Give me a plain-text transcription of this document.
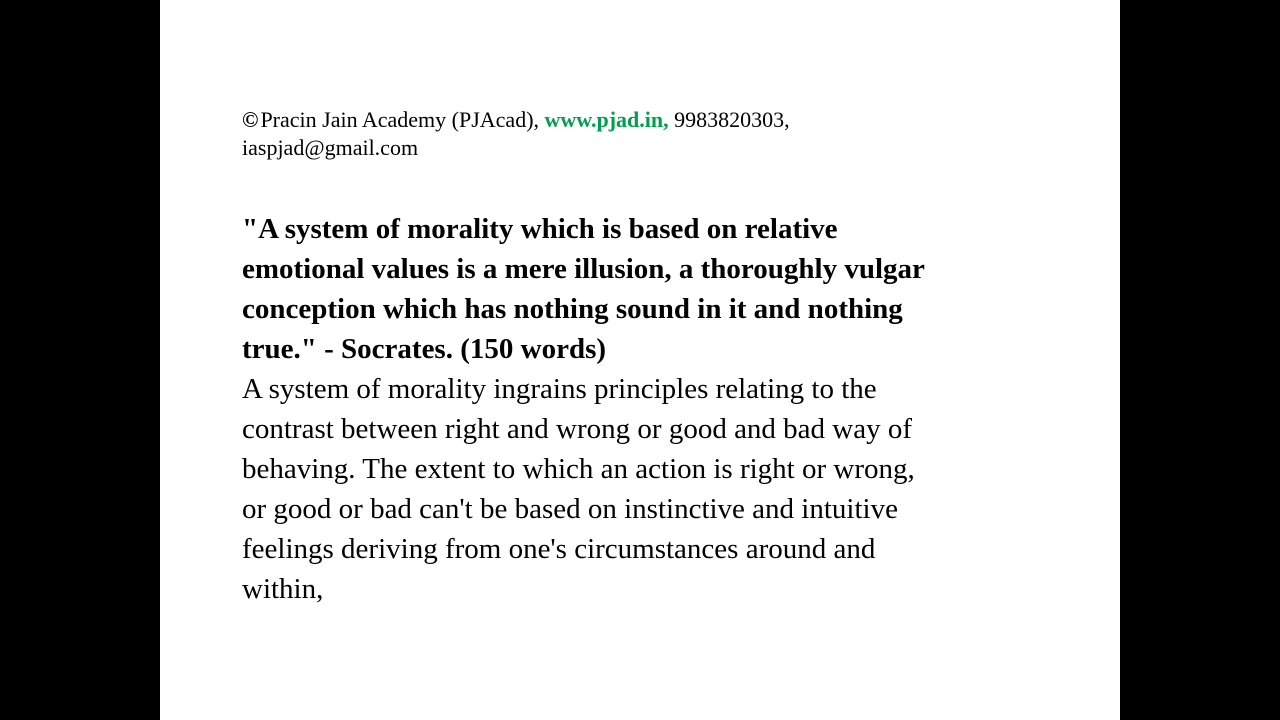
©Pracin Jain Academy (PJAcad), www.pjad.in, 9983820303,
iaspjad@gmail.com
"A system of morality which is based on relative
emotional values is a mere illusion, a thoroughly vulgar
conception which has nothing sound in it and nothing
true." - Socrates. (150 words)
A system of morality ingrains principles relating to the
contrast between right and wrong or good and bad way of
behaving. The extent to which an action is right or wrong,
or good or bad can't be based on instinctive and intuitive
feelings deriving from one's circumstances around and
within,
